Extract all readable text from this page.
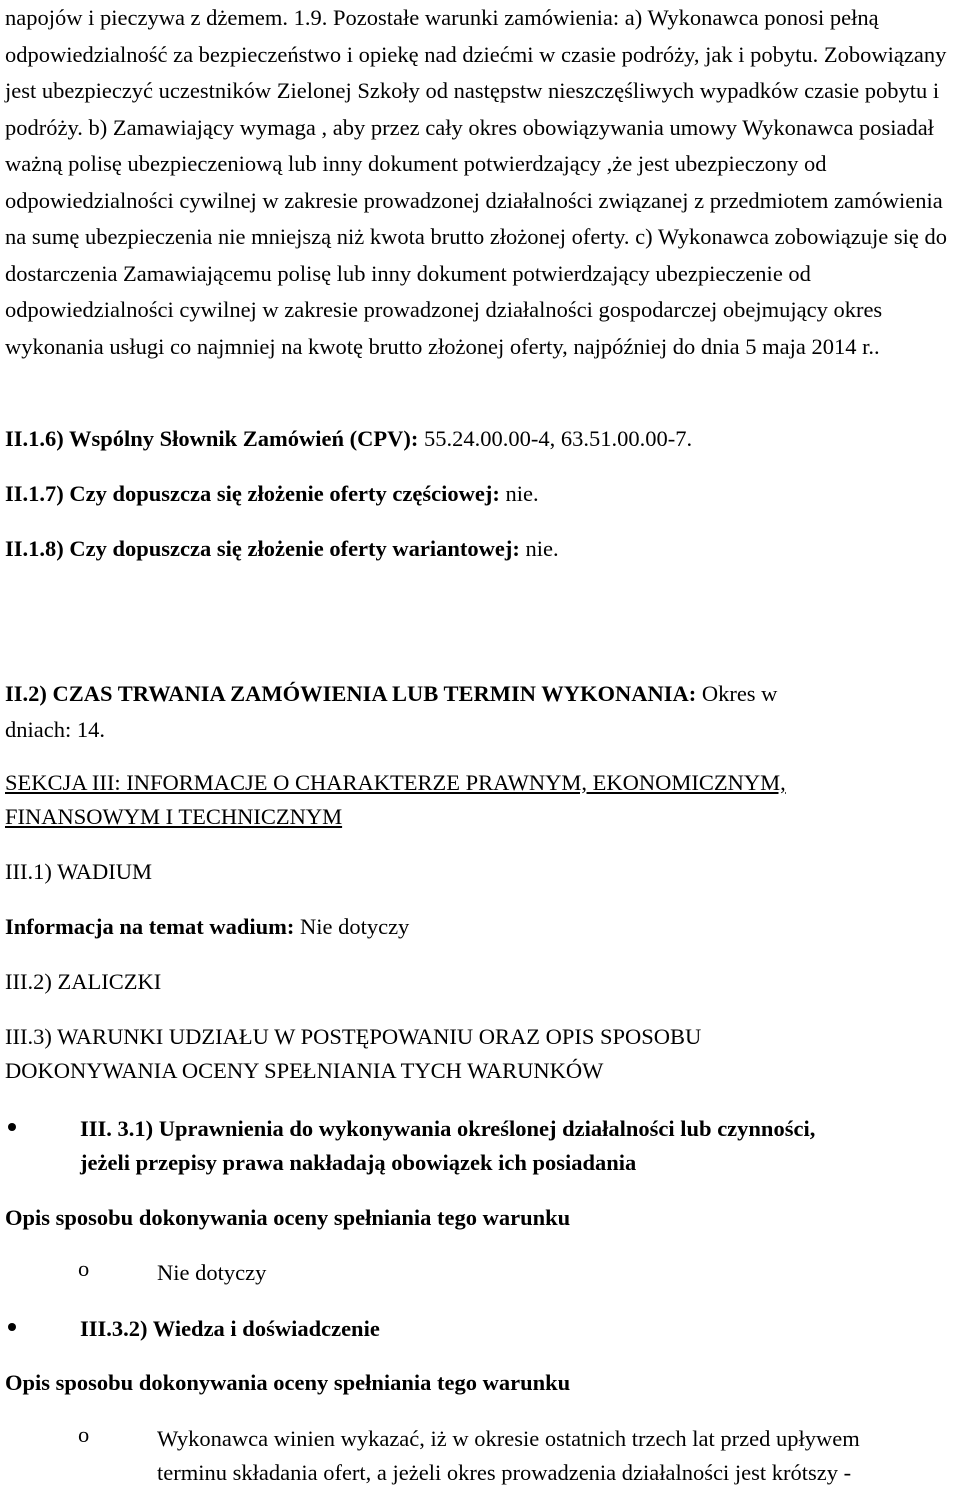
napojów i pieczywa z dżemem. 1.9. Pozostałe warunki zamówienia: a) Wykonawca ponosi pełną odpowiedzialność za bezpieczeństwo i opiekę nad dziećmi w czasie podróży, jak i pobytu. Zobowiązany jest ubezpieczyć uczestników Zielonej Szkoły od następstw nieszczęśliwych wypadków czasie pobytu i podróży. b) Zamawiający wymaga , aby przez cały okres obowiązywania umowy Wykonawca posiadał ważną polisę ubezpieczeniową lub inny dokument potwierdzający ,że jest ubezpieczony od odpowiedzialności cywilnej w zakresie prowadzonej działalności związanej z przedmiotem zamówienia na sumę ubezpieczenia nie mniejszą niż kwota brutto złożonej oferty. c) Wykonawca zobowiązuje się do dostarczenia Zamawiającemu polisę lub inny dokument potwierdzający ubezpieczenie od odpowiedzialności cywilnej w zakresie prowadzonej działalności gospodarczej obejmujący okres wykonania usługi co najmniej na kwotę brutto złożonej oferty, najpóźniej do dnia 5 maja 2014 r..

II.1.6) Wspólny Słownik Zamówień (CPV): 55.24.00.00-4, 63.51.00.00-7.
II.1.7) Czy dopuszcza się złożenie oferty częściowej: nie.
II.1.8) Czy dopuszcza się złożenie oferty wariantowej: nie.
II.2) CZAS TRWANIA ZAMÓWIENIA LUB TERMIN WYKONANIA: Okres w
dniach: 14.
SEKCJA III: INFORMACJE O CHARAKTERZE PRAWNYM, EKONOMICZNYM,
FINANSOWYM I TECHNICZNYM
III.1) WADIUM
Informacja na temat wadium: Nie dotyczy
III.2) ZALICZKI
III.3) WARUNKI UDZIAŁU W POSTĘPOWANIU ORAZ OPIS SPOSOBU
DOKONYWANIA OCENY SPEŁNIANIA TYCH WARUNKÓW
III. 3.1) Uprawnienia do wykonywania określonej działalności lub czynności,
jeżeli przepisy prawa nakładają obowiązek ich posiadania
Opis sposobu dokonywania oceny spełniania tego warunku
o	Nie dotyczy
III.3.2) Wiedza i doświadczenie
Opis sposobu dokonywania oceny spełniania tego warunku
o	Wykonawca winien wykazać, iż w okresie ostatnich trzech lat przed upływem
terminu składania ofert, a jeżeli okres prowadzenia działalności jest krótszy -
